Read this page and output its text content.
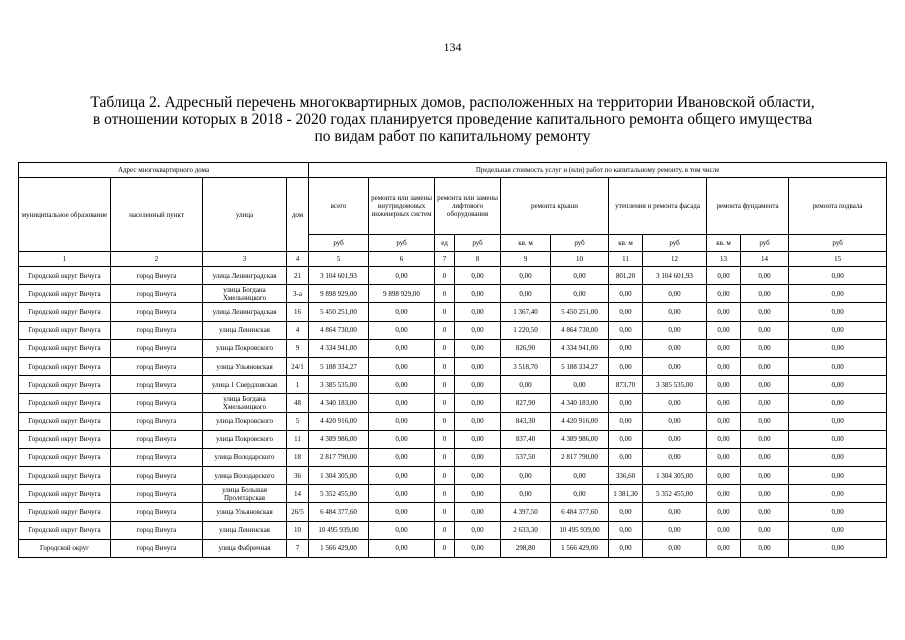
134
Таблица 2. Адресный перечень многоквартирных домов, расположенных на территории Ивановской области,
в отношении которых в 2018 - 2020 годах планируется проведение капитального ремонта общего имущества
по видам работ по капитальному ремонту
Адрес многоквартирного дома				Предельная стоимость услуг и (или) работ по капитальному ремонту, в том числе										
муниципальное образование	населенный пункт	улица	дом	всего	ремонта или замены внутридомовых инженерных систем	ремонта или замены лифтового оборудования		ремонта крыши		утепления и ремонта фасада		ремонта фундамента		ремонта подвала
				руб	руб	ед	руб	кв. м	руб	кв. м	руб	кв. м	руб	руб
1	2	3	4	5	6	7	8	9	10	11	12	13	14	15
Городской округ Вичуга	город Вичуга	улица Ленинградская	21	3 104 601,93	0,00	0	0,00	0,00	0,00	801,20	3 104 601,93	0,00	0,00	0,00
Городской округ Вичуга	город Вичуга	улица Богдана Хмельницкого	3-а	9 898 929,00	9 898 929,00	0	0,00	0,00	0,00	0,00	0,00	0,00	0,00	0,00
Городской округ Вичуга	город Вичуга	улица Ленинградская	16	5 450 251,00	0,00	0	0,00	1 367,40	5 450 251,00	0,00	0,00	0,00	0,00	0,00
Городской округ Вичуга	город Вичуга	улица Ленинская	4	4 864 730,00	0,00	0	0,00	1 220,50	4 864 730,00	0,00	0,00	0,00	0,00	0,00
Городской округ Вичуга	город Вичуга	улица Покровского	9	4 334 941,00	0,00	0	0,00	826,90	4 334 941,00	0,00	0,00	0,00	0,00	0,00
Городской округ Вичуга	город Вичуга	улица Ульяновская	24/1	5 188 334,27	0,00	0	0,00	3 518,70	5 188 334,27	0,00	0,00	0,00	0,00	0,00
Городской округ Вичуга	город Вичуга	улица 1 Свердловская	1	3 385 535,00	0,00	0	0,00	0,00	0,00	873,70	3 385 535,00	0,00	0,00	0,00
Городской округ Вичуга	город Вичуга	улица Богдана Хмельницкого	48	4 340 183,00	0,00	0	0,00	827,90	4 340 183,00	0,00	0,00	0,00	0,00	0,00
Городской округ Вичуга	город Вичуга	улица Покровского	5	4 420 916,00	0,00	0	0,00	843,30	4 420 916,00	0,00	0,00	0,00	0,00	0,00
Городской округ Вичуга	город Вичуга	улица Покровского	11	4 389 986,00	0,00	0	0,00	837,40	4 389 986,00	0,00	0,00	0,00	0,00	0,00
Городской округ Вичуга	город Вичуга	улица Володарского	18	2 817 790,00	0,00	0	0,00	537,50	2 817 790,00	0,00	0,00	0,00	0,00	0,00
Городской округ Вичуга	город Вичуга	улица Володарского	36	1 304 305,00	0,00	0	0,00	0,00	0,00	336,60	1 304 305,00	0,00	0,00	0,00
Городской округ Вичуга	город Вичуга	улица Большая Пролетарская	14	5 352 455,00	0,00	0	0,00	0,00	0,00	1 381,30	5 352 455,00	0,00	0,00	0,00
Городской округ Вичуга	город Вичуга	улица Ульяновская	26/5	6 484 377,60	0,00	0	0,00	4 397,50	6 484 377,60	0,00	0,00	0,00	0,00	0,00
Городской округ Вичуга	город Вичуга	улица Ленинская	10	10 495 939,00	0,00	0	0,00	2 633,30	10 495 939,00	0,00	0,00	0,00	0,00	0,00
Городской округ	город Вичуга	улица Фабричная	7	1 566 429,00	0,00	0	0,00	298,80	1 566 429,00	0,00	0,00	0,00	0,00	0,00
